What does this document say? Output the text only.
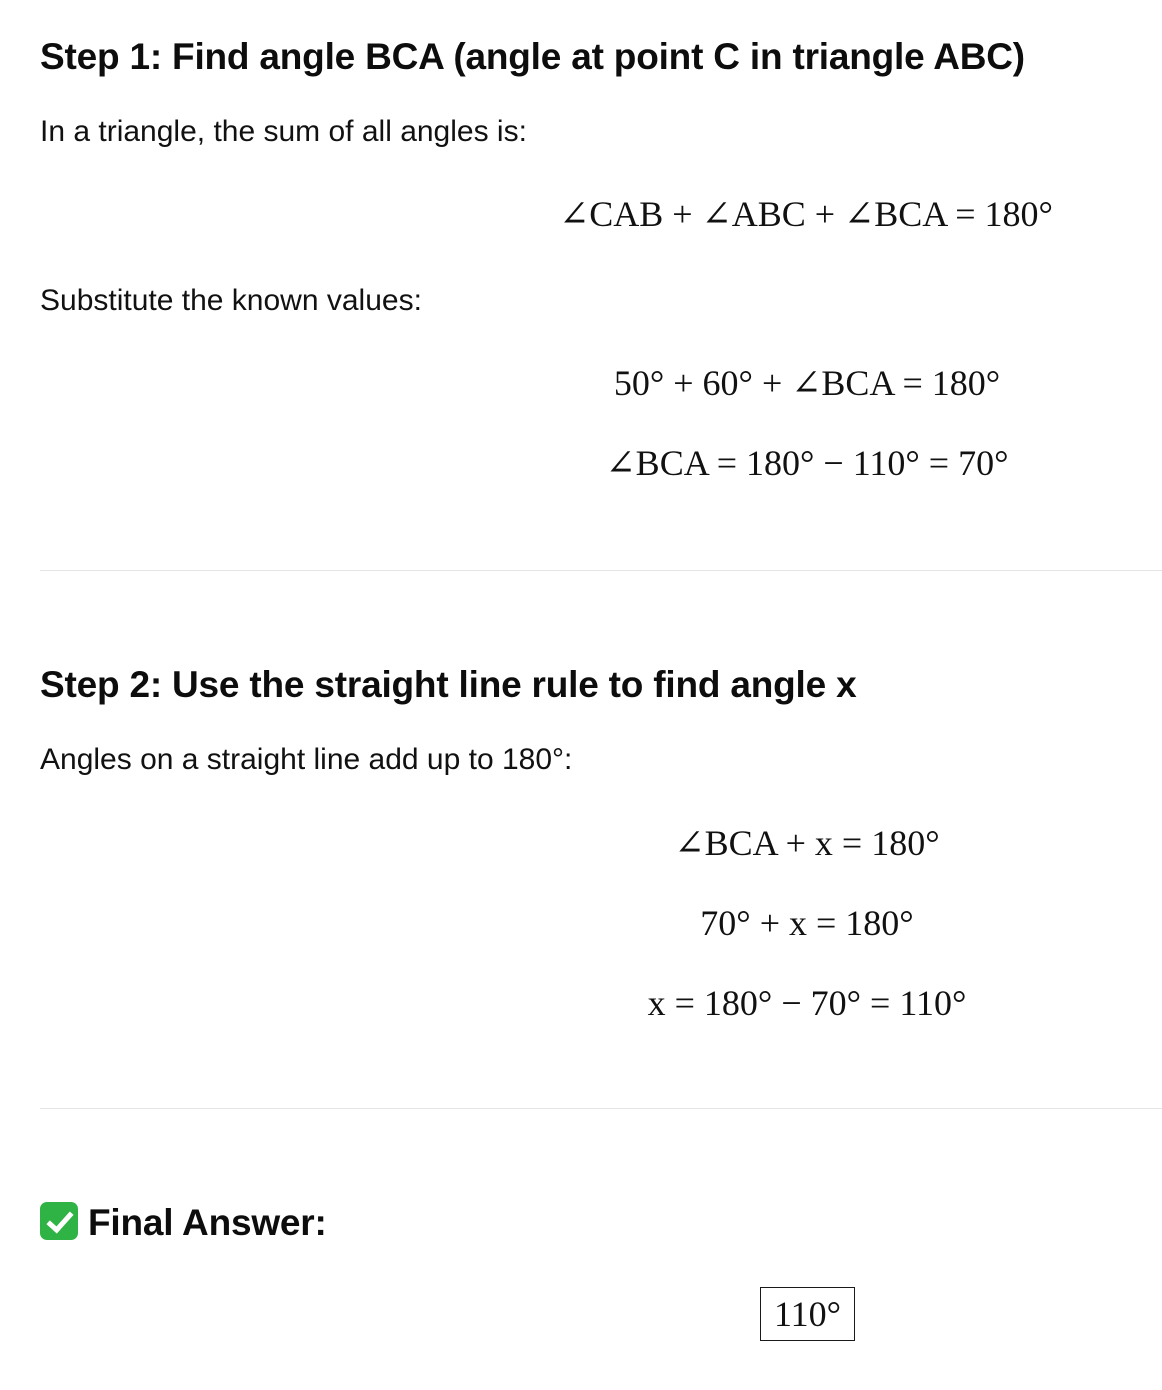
Step 1: Find angle BCA (angle at point C in triangle ABC)

In a triangle, the sum of all angles is:

∠CAB + ∠ABC + ∠BCA = 180°

Substitute the known values:

50° + 60° + ∠BCA = 180°
∠BCA = 180° − 110° = 70°
Step 2: Use the straight line rule to find angle x

Angles on a straight line add up to 180°:

∠BCA + x = 180°
70° + x = 180°
x = 180° − 70° = 110°
Final Answer:
110°
